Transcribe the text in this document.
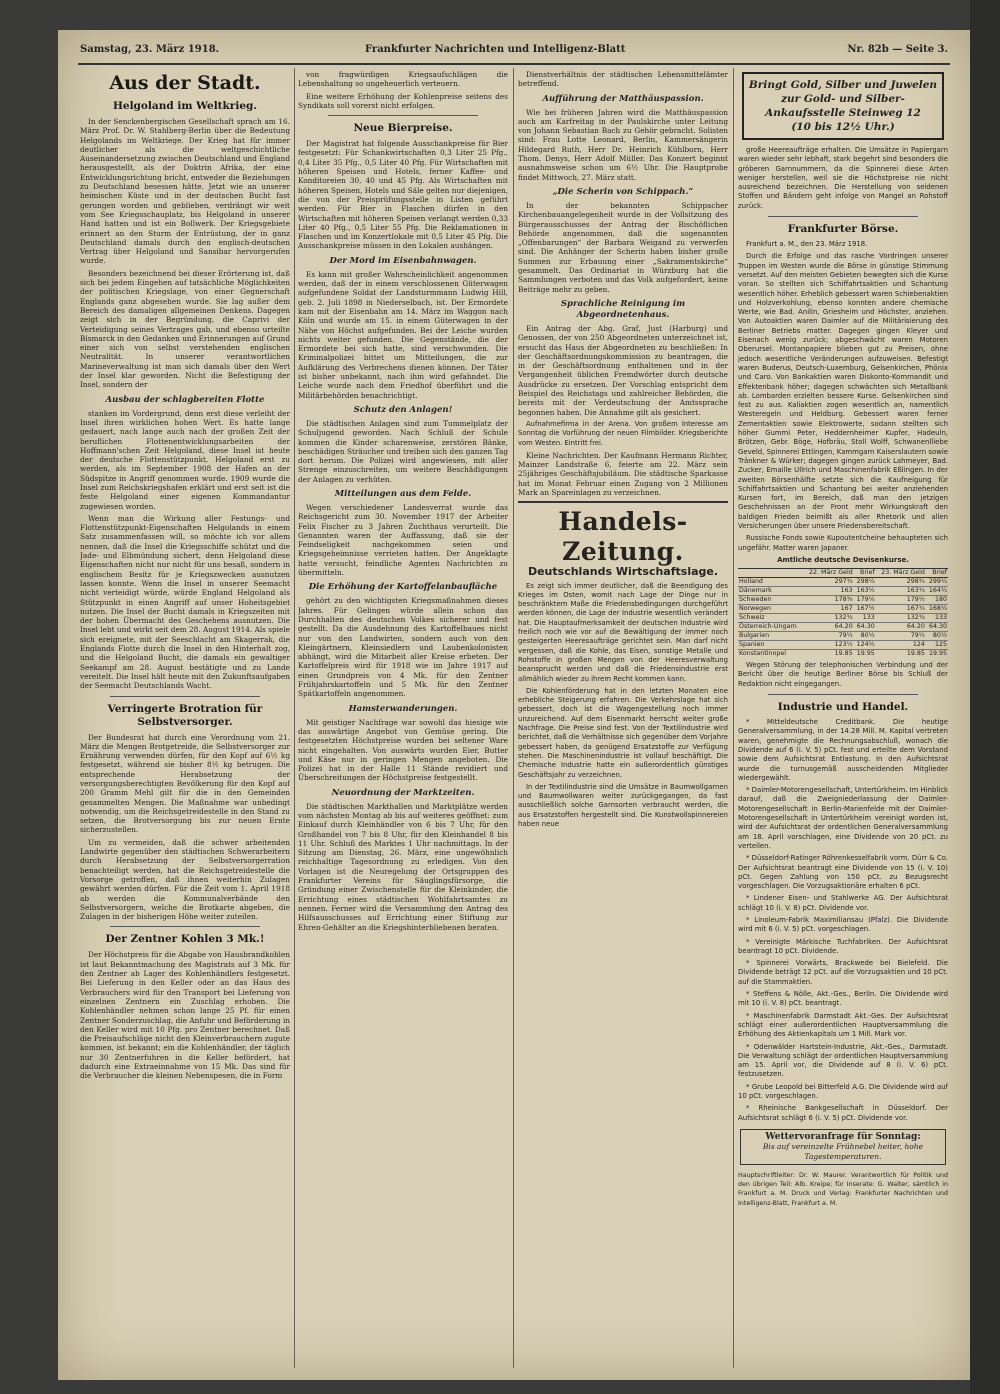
Samstag, 23. März 1918.	Frankfurter Nachrichten und Intelligenz-Blatt	Nr. 82b — Seite 3.
Aus der Stadt.
Helgoland im Weltkrieg.

In der Senckenbergischen Gesellschaft sprach am 16. März Prof. Dr. W. Stahlberg-Berlin über die Bedeutung Helgolands im Weltkriege. Der Krieg hat für immer deutlicher als die weltgeschichtliche Auseinandersetzung zwischen Deutschland und England herausgestellt, als der Doktrin Afrika, der eine Entwicklungsrichtung bricht, entweder die Beziehungen zu Deutschland besessen hätte. Jetzt wie an unserer heimischen Küste und in der deutschen Bucht fast gerungen worden und geblieben, verdrängt wir weit vom See Kriegsschauplatz, bis Helgoland in unserer Hand hatten und ist ein Bollwerk. Der Kriegsgebiete erinnert an den Sturm der Entrüstung, der in ganz Deutschland damals durch den englisch-deutschen Vertrag über Helgoland und Sansibar hervorgerufen wurde.

Besonders bezeichnend bei dieser Erörterung ist, daß sich bei jedem Eingehen auf tatsächliche Möglichkeiten der politischen Kriegslage, von einer Gegnerschaft Englands ganz abgesehen wurde. Sie lag außer dem Bereich des damaligen allgemeinen Denkens. Dagegen zeigt sich in der Begründung, die Caprivi der Verteidigung seines Vertrages gab, und ebenso urteilte Bismarck in den Gedanken und Erinnerungen auf Grund einer sich von selbst verstehenden englischen Neutralität. In unserer verantwortlichen Marineverwaltung ist man sich damals über den Wert der Insel klar geworden. Nicht die Befestigung der Insel, sondern der

Ausbau der schlagbereiten Flotte

stanken im Vordergrund, denn erst diese verleiht der Insel ihren wirklichen hohen Wert. Es hatte lange gedauert, nach lange auch nach der großen Zeit der beruflichen Flottenentwicklungsarbeiten der Hoffmann'schen Zeit Helgoland, diese Insel ist heute der deutsche Flottenstützpunkt, Helgoland erst zu werden, als im September 1908 der Hafen an der Südspitze in Angriff genommen wurde. 1909 wurde die Insel zum Reichskriegshafen erklärt und erst seit ist die feste Helgoland einer eigenen Kommandantur zugewiesen worden.

Wenn man die Wirkung aller Festungs- und Flottenstützpunkt-Eigenschaften Helgolands in einem Satz zusammenfassen will, so möchte ich vor allem nennen, daß die Insel die Kriegsschiffe schützt und die Jade- und Elbmündung sichert, denn Helgoland diese Eigenschaften nicht nur nicht für uns besaß, sondern in englischem Besitz für je Kriegszwecken ausnutzen lassen konnte. Wenn die Insel in unserer Seemacht nicht verteidigt würde, würde England Helgoland als Stützpunkt in einen Angriff auf unser Hoheitsgebiet nutzen. Die Insel der Bucht damals in Kriegszeiten mit der hohen Übermacht des Geschehens ausnutzen. Die Insel lebt und wirkt seit dem 28. August 1914. Als spiele sich ereignete, mit der Seeschlacht am Skagerrak, die Englands Flotte durch die Insel in den Hinterhalt zog, und die Helgoland Bucht, die damals ein gewaltiger Seekampf am 28. August bestätigte und zu Lande vereitelt. Die Insel hält heute mit den Zukunftsaufgaben der Seemacht Deutschlands Wacht.

Verringerte Brotration für Selbstversorger.

Der Bundesrat hat durch eine Verordnung vom 21. März die Mengen Brotgetreide, die Selbstversorger zur Ernährung verwenden dürfen, für den Kopf auf 6½ kg festgesetzt, während sie bisher 8½ kg betrugen. Die entsprechende Herabsetzung der versorgungsberechtigten Bevölkerung für den Kopf auf 200 Gramm Mehl gilt für die in den Gemeinden gesammelten Mengen. Die Maßnahme war unbedingt notwendig, um die Reichsgetreidestelle in den Stand zu setzen, die Brotversorgung bis zur neuen Ernte sicherzustellen.

Um zu vermeiden, daß die schwer arbeitenden Landwirte gegenüber den städtischen Schwerarbeitern durch Herabsetzung der Selbstversorgerration benachteiligt werden, hat die Reichsgetreidestelle die Vorsorge getroffen, daß ihnen weiterhin Zulagen gewährt werden dürfen. Für die Zeit vom 1. April 1918 ab werden die Kommunalverbände den Selbstversorgern, welche die Brotkarte abgeben, die Zulagen in der bisherigen Höhe weiter zuteilen.

Der Zentner Kohlen 3 Mk.!

Der Höchstpreis für die Abgabe von Hausbrandkohlen ist laut Bekanntmachung des Magistrats auf 3 Mk. für den Zentner ab Lager des Kohlenhändlers festgesetzt. Bei Lieferung in den Keller oder an das Haus des Verbrauchers wird für den Transport bei Lieferung von einzelnen Zentnern ein Zuschlag erhoben. Die Kohlenhändler nehmen schon lange 25 Pf. für einen Zentner Sonderzuschlag, die Anfuhr und Beförderung in den Keller wird mit 10 Pfg. pro Zentner berechnet. Daß die Preisaufschläge nicht den Kleinverbrauchern zugute kommen, ist bekannt; ein die Kohlenhändler, der täglich nur 30 Zentnerfuhren in die Keller befördert, hat dadurch eine Extraeinnahme von 15 Mk. Das sind für die Verbraucher die kleinen Nebenspesen, die in Form

von fragwürdigen Kriegsaufschlägen die Lebenshaltung so ungeheuerlich verteuern.

Eine weitere Erhöhung der Kohlenpreise seitens des Syndikats soll vorerst nicht erfolgen.

Neue Bierpreise.

Der Magistrat hat folgende Ausschankpreise für Bier festgesetzt: Für Schankwirtschaften 0,3 Liter 25 Pfg., 0,4 Liter 35 Pfg., 0,5 Liter 40 Pfg. Für Wirtschaften mit höheren Speisen und Hotels, ferner Kaffee- und Konditoreien 30, 40 und 45 Pfg. Als Wirtschaften mit höheren Speisen, Hotels und Säle gelten nur diejenigen, die von der Preisprüfungsstelle in Listen geführt werden. Für Bier in Flaschen dürfen in den Wirtschaften mit höheren Speisen verlangt werden 0,33 Liter 40 Pfg., 0,5 Liter 55 Pfg. Die Reklamationen in Flaschen und im Konzertlokale mit 0,5 Liter 45 Pfg. Die Ausschankpreise müssen in den Lokalen aushängen.

Der Mord im Eisenbahnwagen.

Es kann mit großer Wahrscheinlichkeit angenommen werden, daß der in einem verschlossenen Güterwagen aufgefundene Soldat der Landsturmmann Ludwig Hill, geb. 2. Juli 1898 in Niederselbach, ist. Der Ermordete kam mit der Eisenbahn am 14. März im Waggon nach Köln und wurde am 15. in einem Güterwagen in der Nähe von Höchst aufgefunden. Bei der Leiche wurden nichts weiter gefunden. Die Gegenstände, die der Ermordete bei sich hatte, sind verschwunden. Die Kriminalpolizei bittet um Mitteilungen, die zur Aufklärung des Verbrechens dienen können. Der Täter ist bisher unbekannt, nach ihm wird gefahndet. Die Leiche wurde nach dem Friedhof überführt und die Militärbehörden benachrichtigt.

Schutz den Anlagen!

Die städtischen Anlagen sind zum Tummelplatz der Schuljugend geworden. Nach Schluß der Schule kommen die Kinder scharenweise, zerstören Bänke, beschädigen Sträucher und treiben sich den ganzen Tag dort herum. Die Polizei wird angewiesen, mit aller Strenge einzuschreiten, um weitere Beschädigungen der Anlagen zu verhüten.

Mitteilungen aus dem Felde.

Wegen verschiedener Landesverrat wurde das Reichsgericht zum 30. November 1917 der Arbeiter Felix Fischer zu 3 Jahren Zuchthaus verurteilt. Die Genannten waren der Auffassung, daß sie der Feindseligkeit nachgekommen seien und Kriegsgeheimnisse verrieten hatten. Der Angeklagte hatte versucht, feindliche Agenten Nachrichten zu übermitteln.

Die Erhöhung der Kartoffelanbaufläche

gehört zu den wichtigsten Kriegsmaßnahmen dieses Jahres. Für Gelingen würde allein schon das Durchhalten des deutschen Volkes sicherer und fest gestellt. Da die Ausdehnung des Kartoffelbaues nicht nur von den Landwirten, sondern auch von den Kleingärtnern, Kleinsiedlern und Laubenkolonisten abhängt, wird die Mitarbeit aller Kreise erbeten. Der Kartoffelpreis wird für 1918 wie im Jahre 1917 auf einen Grundpreis von 4 Mk. für den Zentner Frühjahrskartoffeln und 5 Mk. für den Zentner Spätkartoffeln angenommen.

Hamsterwanderungen.

Mit geistiger Nachfrage war sowohl das hiesige wie das auswärtige Angebot von Gemüse gering. Die festgesetzten Höchstpreise wurden bei seltener Ware nicht eingehalten. Von auswärts wurden Eier, Butter und Käse nur in geringen Mengen angeboten. Die Polizei hat in der Halle 11 Stände revidiert und Überschreitungen der Höchstpreise festgestellt.

Neuordnung der Marktzeiten.

Die städtischen Markthallen und Marktplätze werden vom nächsten Montag ab bis auf weiteres geöffnet: zum Einkauf durch Kleinhändler von 6 bis 7 Uhr, für den Großhandel von 7 bis 8 Uhr, für den Kleinhandel 8 bis 11 Uhr. Schluß des Marktes 1 Uhr nachmittags. In der Sitzung am Dienstag, 26. März, eine ungewöhnlich reichhaltige Tagesordnung zu erledigen. Von den Vorlagen ist die Neuregelung der Ortsgruppen des Frankfurter Vereins für Säuglingsfürsorge, die Gründung einer Zwischenstelle für die Kleinkinder, die Errichtung eines städtischen Wohlfahrtsamtes zu nennen. Ferner wird die Versammlung den Antrag des Hilfsausschusses auf Errichtung einer Stiftung zur Ehren-Gehälter an die Kriegshinterbliebenen beraten.

Dienstverhältnis der städtischen Lebensmittelämter betreffend.

Aufführung der Matthäuspassion.

Wie bei früheren Jahren wird die Matthäuspassion auch am Karfreitag in der Paulskirche unter Leitung von Johann Sebastian Bach zu Gehör gebracht. Solisten sind: Frau Lotte Leonard, Berlin, Kammersängerin Hildegard Ruth, Herr Dr. Heinrich Kühlborn, Herr Thom. Denys, Herr Adolf Müller. Das Konzert beginnt ausnahmsweise schon um 6½ Uhr. Die Hauptprobe findet Mittwoch, 27. März statt.

„Die Scherin von Schippach.“

In der bekannten Schippacher Kirchenbauangelegenheit wurde in der Vollsitzung des Bürgerausschusses der Antrag der Bischöflichen Behörde angenommen, daß die sogenannten „Offenbarungen“ der Barbara Weigand zu verwerfen sind. Die Anhänger der Scherin haben bisher große Summen zur Erbauung einer „Sakramentskirche“ gesammelt. Das Ordinariat in Würzburg hat die Sammlungen verboten und das Volk aufgefordert, keine Beiträge mehr zu geben.

Sprachliche Reinigung im Abgeordnetenhaus.

Ein Antrag der Abg. Graf, Just (Harburg) und Genossen, der von 250 Abgeordneten unterzeichnet ist, ersucht das Haus der Abgeordneten zu beschließen: In der Geschäftsordnungskommission zu beantragen, die in der Geschäftsordnung enthaltenen und in der Vergangenheit üblichen Fremdwörter durch deutsche Ausdrücke zu ersetzen. Der Vorschlag entspricht dem Beispiel des Reichstags und zahlreicher Behörden, die bereits mit der Verdeutschung der Amtssprache begonnen haben. Die Annahme gilt als gesichert.

Aufnahmefirma in der Arena. Von großem Interesse am Sonntag die Vorführung der neuen Filmbilder. Kriegsberichte vom Westen. Eintritt frei.

Kleine Nachrichten. Der Kaufmann Hermann Richter, Mainzer Landstraße 6, feierte am 22. März sein 25jähriges Geschäftsjubiläum. Die städtische Sparkasse hat im Monat Februar einen Zugang von 2 Millionen Mark an Spareinlagen zu verzeichnen.

Handels-Zeitung.
Deutschlands Wirtschaftslage.

Es zeigt sich immer deutlicher, daß die Beendigung des Krieges im Osten, womit nach Lage der Dinge nur in beschränktem Maße die Friedensbedingungen durchgeführt werden können, die Lage der Industrie wesentlich verändert hat. Die Hauptaufmerksamkeit der deutschen Industrie wird freilich noch wie vor auf die Bewältigung der immer noch gesteigerten Heeresaufträge gerichtet sein. Man darf nicht vergessen, daß die Kohle, das Eisen, sonstige Metalle und Rohstoffe in großen Mengen von der Heeresverwaltung beansprucht werden und daß die Friedensindustrie erst allmählich wieder zu ihrem Recht kommen kann.

Die Kohlenförderung hat in den letzten Monaten eine erhebliche Steigerung erfahren. Die Verkehrslage hat sich gebessert, doch ist die Wagengestellung noch immer unzureichend. Auf dem Eisenmarkt herrscht weiter große Nachfrage. Die Preise sind fest. Von der Textilindustrie wird berichtet, daß die Verhältnisse sich gegenüber dem Vorjahre gebessert haben, da genügend Ersatzstoffe zur Verfügung stehen. Die Maschinenindustrie ist vollauf beschäftigt. Die Chemische Industrie hatte ein außerordentlich günstiges Geschäftsjahr zu verzeichnen.

In der Textilindustrie sind die Umsätze in Baumwollgarnen und Baumwollwaren weiter zurückgegangen, da fast ausschließlich solche Garnsorten verbraucht werden, die aus Ersatzstoffen hergestellt sind. Die Kunstwollspinnereien haben neue

Bringt Gold, Silber und Juwelen zur Gold- und Silber-Ankaufsstelle Steinweg 12
(10 bis 12½ Uhr.)

große Heereaufträge erhalten. Die Umsätze in Papiergarn waren wieder sehr lebhaft, stark begehrt sind besonders die gröberen Garnnummern, da die Spinnerei diese Arten weniger herstellen, weil sie die Höchstpreise nie nicht ausreichend bezeichnen. Die Herstellung von seidenen Stoffen und Bändern geht infolge von Mangel an Rohstoff zurück.

Frankfurter Börse.

Frankfurt a. M., den 23. März 1918.

Durch die Erfolge und das rasche Vordringen unserer Truppen im Westen wurde die Börse in günstige Stimmung versetzt. Auf den meisten Gebieten bewegten sich die Kurse voran. So stellten sich Schiffahrtsaktien und Schantung wesentlich höher. Erheblich gebessert waren Schiebenaktien und Holzverkohlung, ebenso konnten andere chemische Werte, wie Bad. Anilin, Griesheim und Höchster, anziehen. Von Autoaktien waren Daimler auf die Militärisierung des Berliner Betriebs matter. Dagegen gingen Kleyer und Eisenach wenig zurück; abgeschwächt waren Motoren Oberursel. Montanpapiere blieben gut zu Preisen, ohne jedoch wesentliche Veränderungen aufzuweisen. Befestigt waren Buderus, Deutsch-Luxemburg, Gelsenkirchen, Phönix und Caro. Von Bankaktien waren Diskonto-Kommandit und Effektenbank höher; dagegen schwächten sich Metallbank ab. Lombarden erzielten bessere Kurse. Gelsenkirchen sind fest zu aus. Kaliaktien zogen wesentlich an, namentlich Westeregeln und Heldburg. Gebessert waren ferner Zementaktien sowie Elektrowerte, sodann stellten sich höher Gummi Peter, Heddernheimer Kupfer, Hadeuln, Brötzen, Gebr. Böge, Hofbräu, Stoll Wolff, Schwanenlliebe Geveld, Spinnerei Ettlingen, Kammgarn Kaiserslautern sowie Tränkner & Würker; dagegen gingen zurück Lahmeyer, Bad. Zucker, Emaille Ullrich und Maschinenfabrik Eßlingen. In der zweiten Börsenhälfte setzte sich die Kaufneigung für Schiffahrtsaktien und Schantung bei weiter anziehenden Kursen fort, im Bereich, daß man den jetzigen Geschehnissen an der Front mehr Wirkungskraft den baldigen Frieden beimißt als aller Rhetorik und allen Versicherungen über unsere Friedensbereitschaft.

Russische Fonds sowie Kupoutentcheine behaupteten sich ungefähr. Matter waren Japaner.

Amtliche deutsche Devisenkurse.
	22. März Geld	Brief	23. März Geld	Brief
Holland	297¾	298¼	298¾	299¼
Dänemark	163	163½	163¾	164¼
Schweden	178¾	179¼	179½	180
Norwegen	167	167½	167¾	168¼
Schweiz	132¾	133	132¾	133
Österreich-Ungarn	64.20	64.30	64.20	64.30
Bulgarien	79½	80½	79½	80½
Spanien	123½	124½	124	125
Konstantinopel	19.85	19.95	19.85	19.95

Wegen Störung der telephonischen Verbindung und der Bericht über die heutige Berliner Börse bis Schluß der Redaktion nicht eingegangen.

Industrie und Handel.

* Mitteldeutsche Creditbank. Die heutige Generalversammlung, in der 14.28 Mill. M. Kapital vertreten waren, genehmigte die Rechnungsabschluß, wonach die Dividende auf 6 (i. V. 5) pCt. fest und erteilte dem Vorstand sowie dem Aufsichtsrat Entlastung. In den Aufsichtsrat wurde die turnusgemäß ausscheidenden Mitglieder wiedergewählt.

* Daimler-Motorengesellschaft, Untertürkheim. Im Hinblick darauf, daß die Zweigniederlassung der Daimler-Motorengesellschaft in Berlin-Marienfelde mit der Daimler-Motorengesellschaft in Untertürkheim vereinigt worden ist, wird der Aufsichtsrat der ordentlichen Generalversammlung am 18. April vorschlagen, eine Dividende von 20 pCt. zu verteilen.

* Düsseldorf-Ratinger Röhrenkesselfabrik vorm. Dürr & Co. Der Aufsichtsrat beantragt eine Dividende von 15 (i. V. 10) pCt. Gegen Zahlung von 150 pCt. zu Bezugsrecht vorgeschlagen. Die Vorzugsaktionäre erhalten 6 pCt.

* Lindener Eisen- und Stahlwerke AG. Der Aufsichtsrat schlägt 10 (i. V. 8) pCt. Dividende vor.

* Linoleum-Fabrik Maximiliansau (Pfalz). Die Dividende wird mit 6 (i. V. 5) pCt. vorgeschlagen.

* Vereinigte Märkische Tuchfabriken. Der Aufsichtsrat beantragt 10 pCt. Dividende.

* Spinnerei Vorwärts, Brackwede bei Bielefeld. Die Dividende beträgt 12 pCt. auf die Vorzugsaktien und 10 pCt. auf die Stammaktien.

* Steffens & Nölle, Akt.-Ges., Berlin. Die Dividende wird mit 10 (i. V. 8) pCt. beantragt.

* Maschinenfabrik Darmstadt Akt.-Ges. Der Aufsichtsrat schlägt einer außerordentlichen Hauptversammlung die Erhöhung des Aktienkapitals um 1 Mill. Mark vor.

* Odenwälder Hartstein-Industrie, Akt.-Ges., Darmstadt. Die Verwaltung schlägt der ordentlichen Hauptversammlung am 15. April vor, die Dividende auf 8 (i. V. 6) pCt. festzusetzen.

* Grube Leopold bei Bitterfeld A.G. Die Dividende wird auf 10 pCt. vorgeschlagen.

* Rheinische Bankgesellschaft in Düsseldorf. Der Aufsichtsrat schlägt 6 (i. V. 5) pCt. Dividende vor.

Wettervoranfrage für Sonntag:
Bis auf vereinzelte Frühnebel heiter, hohe Tagestemperaturen.

Hauptschriftleiter: Dr. W. Maurer. Verantwortlich für Politik und den übrigen Teil: Alb. Kreipe; für Inserate: G. Walter, sämtlich in Frankfurt a. M. Druck und Verlag: Frankfurter Nachrichten und Intelligenz-Blatt, Frankfurt a. M.
